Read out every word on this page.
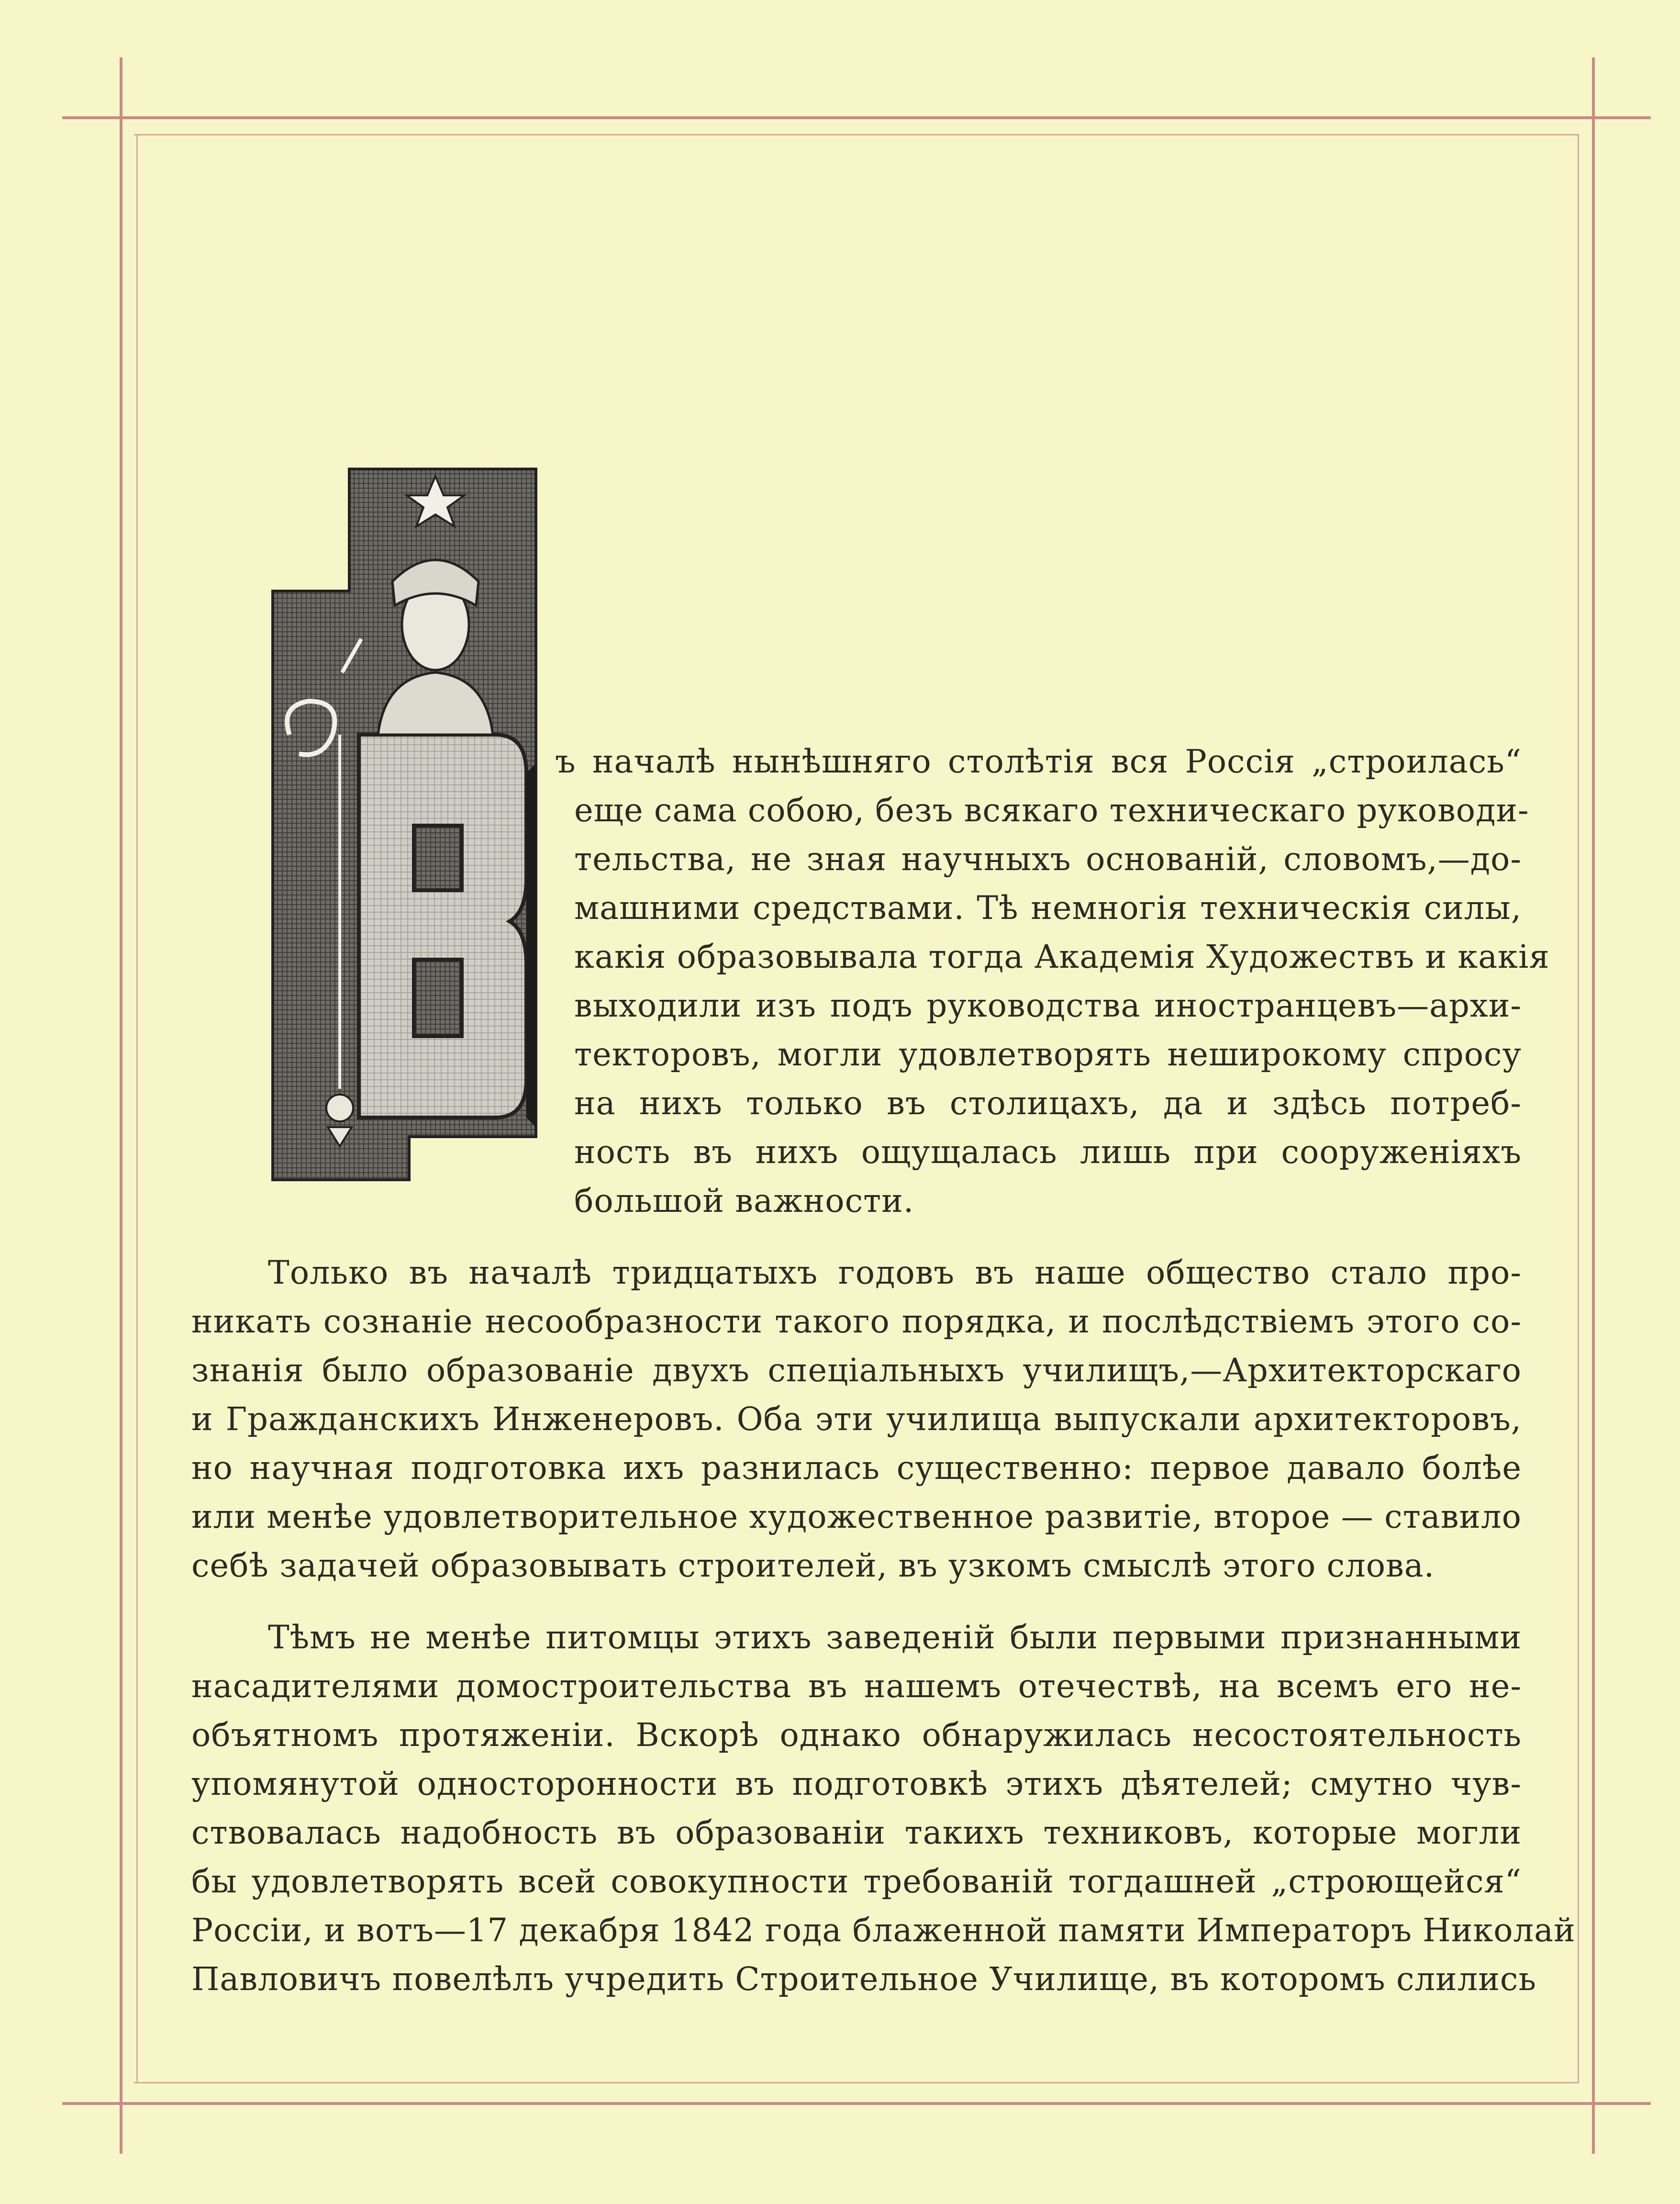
ъ началѣ нынѣшняго столѣтія вся Россія „строилась“
еще сама собою, безъ всякаго техническаго руководи-
тельства, не зная научныхъ основаній, словомъ,—до-
машними средствами. Тѣ немногія техническія силы,
какія образовывала тогда Академія Художествъ и какія
выходили изъ подъ руководства иностранцевъ—архи-
текторовъ, могли удовлетворять неширокому спросу
на нихъ только въ столицахъ, да и здѣсь потреб-
ность въ нихъ ощущалась лишь при сооруженіяхъ
большой важности.
Только въ началѣ тридцатыхъ годовъ въ наше общество стало про-
никать сознаніе несообразности такого порядка, и послѣдствіемъ этого со-
знанія было образованіе двухъ спеціальныхъ училищъ,—Архитекторскаго
и Гражданскихъ Инженеровъ. Оба эти училища выпускали архитекторовъ,
но научная подготовка ихъ разнилась существенно: первое давало болѣе
или менѣе удовлетворительное художественное развитіе, второе — ставило
себѣ задачей образовывать строителей, въ узкомъ смыслѣ этого слова.
Тѣмъ не менѣе питомцы этихъ заведеній были первыми признанными
насадителями домостроительства въ нашемъ отечествѣ, на всемъ его не-
объятномъ протяженіи. Вскорѣ однако обнаружилась несостоятельность
упомянутой односторонности въ подготовкѣ этихъ дѣятелей; смутно чув-
ствовалась надобность въ образованіи такихъ техниковъ, которые могли
бы удовлетворять всей совокупности требованій тогдашней „строющейся“
Россіи, и вотъ—17 декабря 1842 года блаженной памяти Императоръ Николай
Павловичъ повелѣлъ учредить Строительное Училище, въ которомъ слились
